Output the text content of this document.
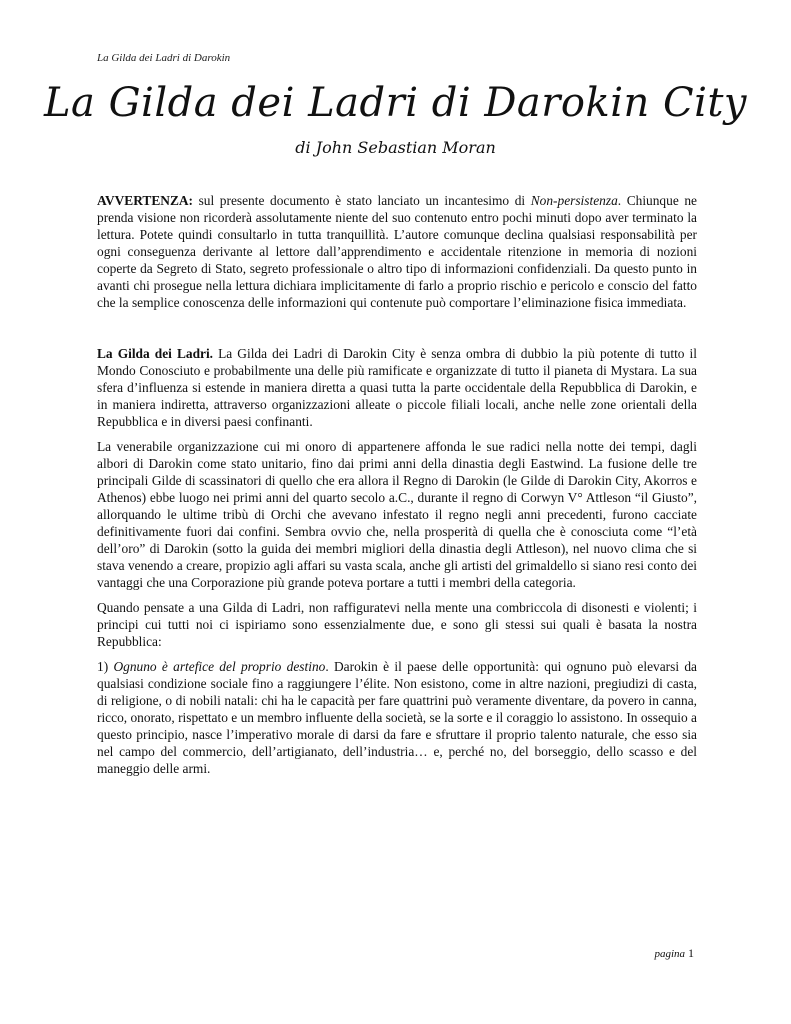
La Gilda dei Ladri di Darokin
La Gilda dei Ladri di Darokin City
di John Sebastian Moran

AVVERTENZA: sul presente documento è stato lanciato un incantesimo di Non-persistenza. Chiunque ne prenda visione non ricorderà assolutamente niente del suo contenuto entro pochi minuti dopo aver terminato la lettura. Potete quindi consultarlo in tutta tranquillità. L’autore comunque declina qualsiasi responsabilità per ogni conseguenza derivante al lettore dall’apprendimento e accidentale ritenzione in memoria di nozioni coperte da Segreto di Stato, segreto professionale o altro tipo di informazioni confidenziali. Da questo punto in avanti chi prosegue nella lettura dichiara implicitamente di farlo a proprio rischio e pericolo e conscio del fatto che la semplice conoscenza delle informazioni qui contenute può comportare l’eliminazione fisica immediata.

La Gilda dei Ladri. La Gilda dei Ladri di Darokin City è senza ombra di dubbio la più potente di tutto il Mondo Conosciuto e probabilmente una delle più ramificate e organizzate di tutto il pianeta di Mystara. La sua sfera d’influenza si estende in maniera diretta a quasi tutta la parte occidentale della Repubblica di Darokin, e in maniera indiretta, attraverso organizzazioni alleate o piccole filiali locali, anche nelle zone orientali della Repubblica e in diversi paesi confinanti.

La venerabile organizzazione cui mi onoro di appartenere affonda le sue radici nella notte dei tempi, dagli albori di Darokin come stato unitario, fino dai primi anni della dinastia degli Eastwind. La fusione delle tre principali Gilde di scassinatori di quello che era allora il Regno di Darokin (le Gilde di Darokin City, Akorros e Athenos) ebbe luogo nei primi anni del quarto secolo a.C., durante il regno di Corwyn V° Attleson “il Giusto”, allorquando le ultime tribù di Orchi che avevano infestato il regno negli anni precedenti, furono cacciate definitivamente fuori dai confini. Sembra ovvio che, nella prosperità di quella che è conosciuta come “l’età dell’oro” di Darokin (sotto la guida dei membri migliori della dinastia degli Attleson), nel nuovo clima che si stava venendo a creare, propizio agli affari su vasta scala, anche gli artisti del grimaldello si siano resi conto dei vantaggi che una Corporazione più grande poteva portare a tutti i membri della categoria.

Quando pensate a una Gilda di Ladri, non raffiguratevi nella mente una combriccola di disonesti e violenti; i principi cui tutti noi ci ispiriamo sono essenzialmente due, e sono gli stessi sui quali è basata la nostra Repubblica:

1) Ognuno è artefice del proprio destino. Darokin è il paese delle opportunità: qui ognuno può elevarsi da qualsiasi condizione sociale fino a raggiungere l’élite. Non esistono, come in altre nazioni, pregiudizi di casta, di religione, o di nobili natali: chi ha le capacità per fare quattrini può veramente diventare, da povero in canna, ricco, onorato, rispettato e un membro influente della società, se la sorte e il coraggio lo assistono. In ossequio a questo principio, nasce l’imperativo morale di darsi da fare e sfruttare il proprio talento naturale, che esso sia nel campo del commercio, dell’artigianato, dell’industria… e, perché no, del borseggio, dello scasso e del maneggio delle armi.

pagina 1
